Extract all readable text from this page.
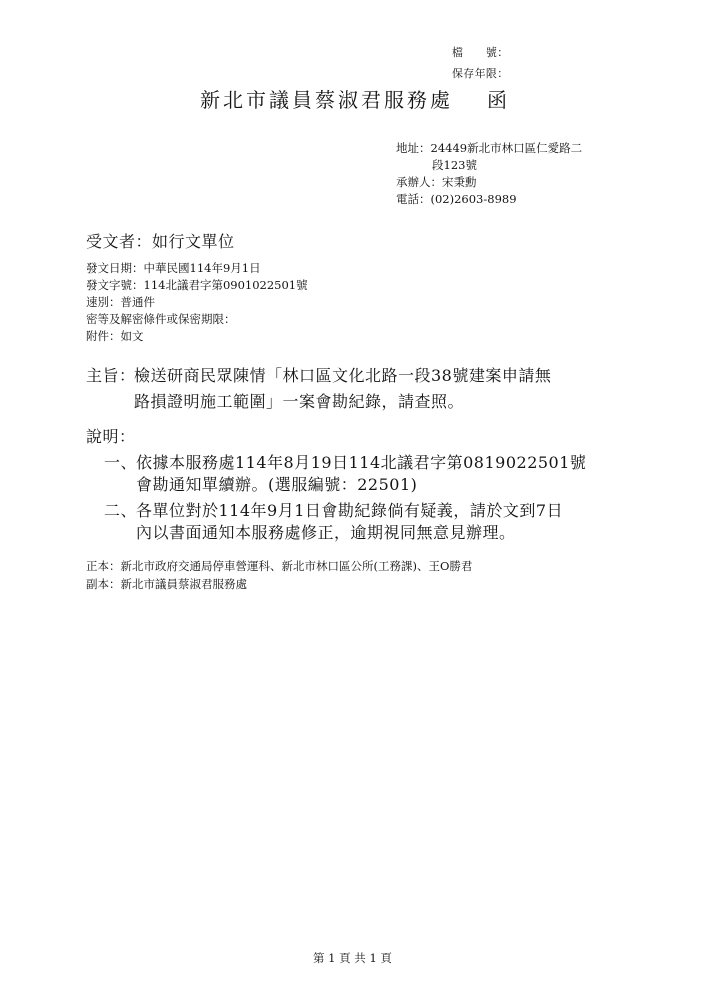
檔　　號：
保存年限：
新北市議員蔡淑君服務處 函
地址：24449新北市林口區仁愛路二
段123號
承辦人：宋秉勳
電話：(02)2603-8989
受文者：如行文單位
發文日期：中華民國114年9月1日
發文字號：114北議君字第0901022501號
速別：普通件
密等及解密條件或保密期限：
附件：如文
主旨：
檢送研商民眾陳情「林口區文化北路一段38號建案申請無
路損證明施工範圍」一案會勘紀錄，請查照。
說明：
一、
依據本服務處114年8月19日114北議君字第0819022501號
會勘通知單續辦。(選服編號：22501)
二、
各單位對於114年9月1日會勘紀錄倘有疑義，請於文到7日
內以書面通知本服務處修正，逾期視同無意見辦理。
正本：新北市政府交通局停車營運科、新北市林口區公所(工務課)、王O勝君
副本：新北市議員蔡淑君服務處
第 1 頁 共 1 頁
